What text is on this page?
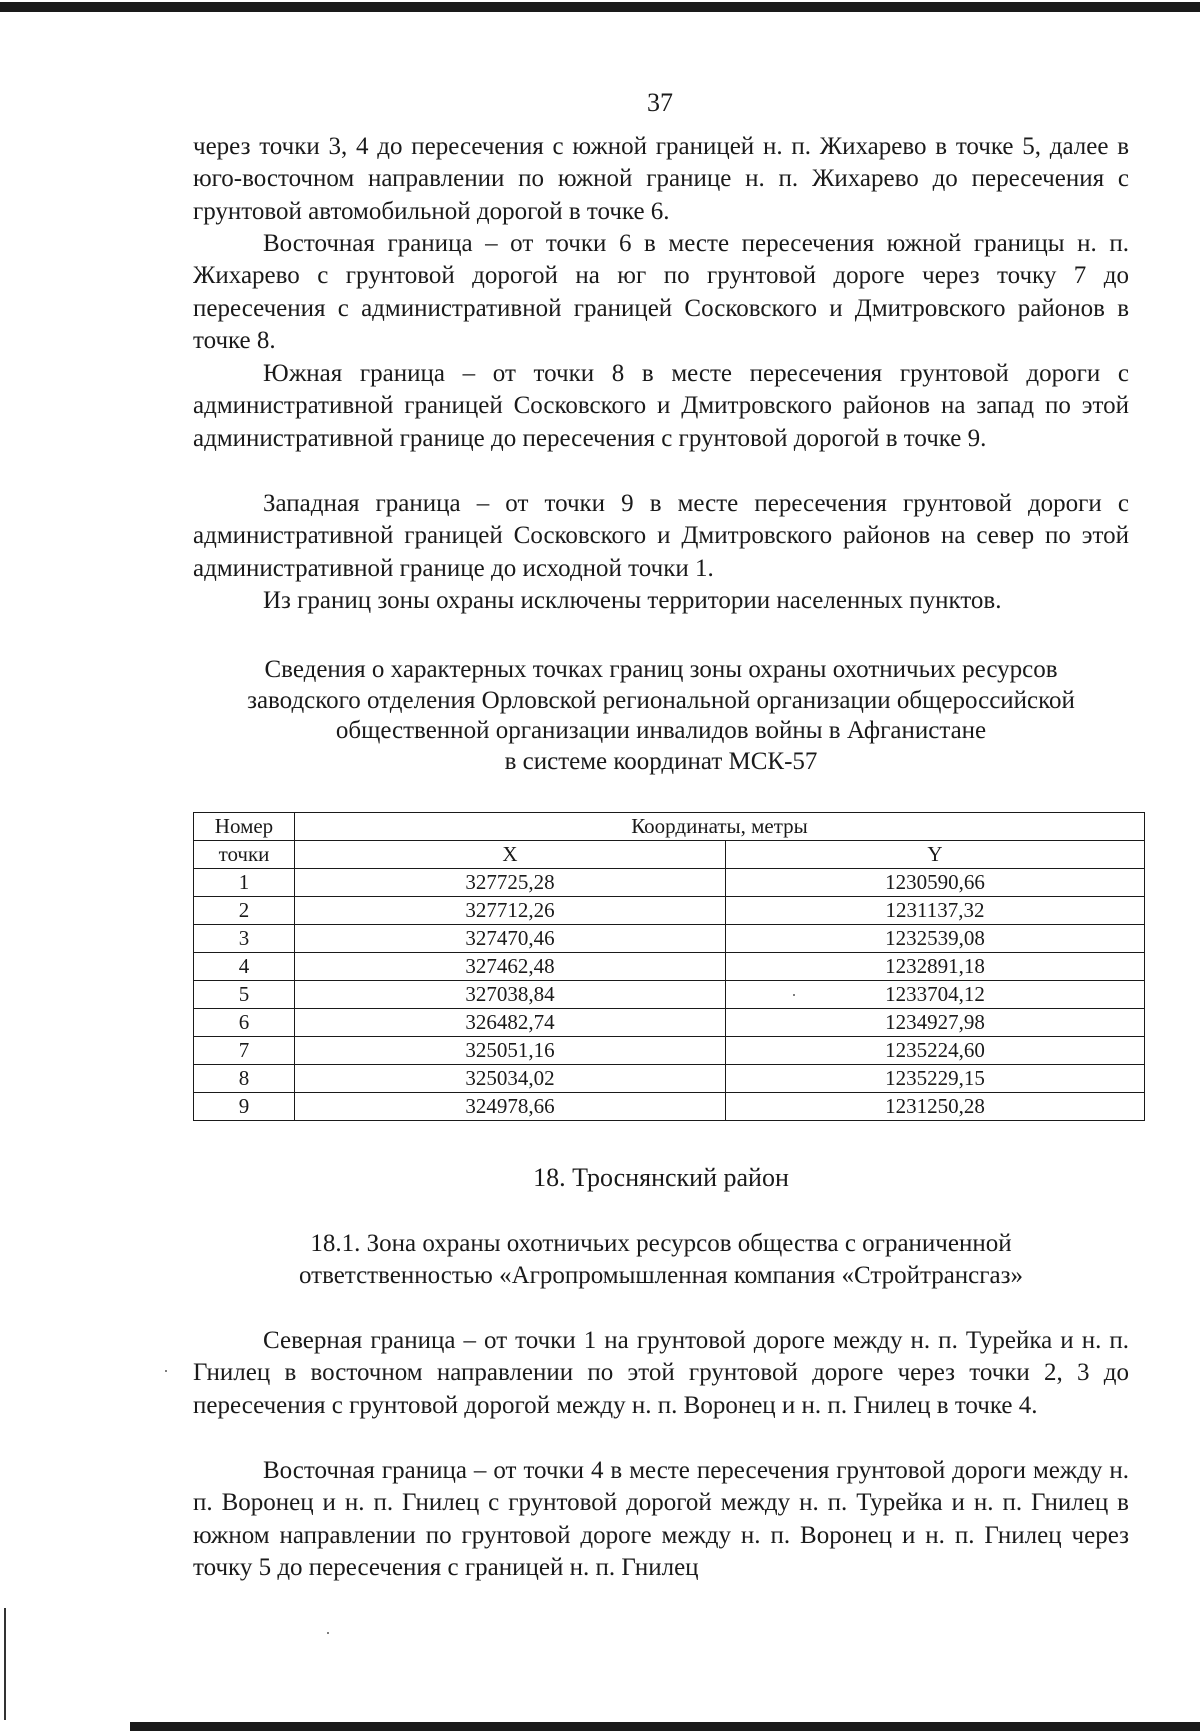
37

через точки 3, 4 до пересечения с южной границей н. п. Жихарево в точке 5, далее в юго-восточном направлении по южной границе н. п. Жихарево до пересечения с грунтовой автомобильной дорогой в точке 6.

Восточная граница – от точки 6 в месте пересечения южной границы н. п. Жихарево с грунтовой дорогой на юг по грунтовой дороге через точку 7 до пересечения с административной границей Сосковского и Дмитровского районов в точке 8.

Южная граница – от точки 8 в месте пересечения грунтовой дороги с административной границей Сосковского и Дмитровского районов на запад по этой административной границе до пересечения с грунтовой дорогой в точке 9.

Западная граница – от точки 9 в месте пересечения грунтовой дороги с административной границей Сосковского и Дмитровского районов на север по этой административной границе до исходной точки 1.

Из границ зоны охраны исключены территории населенных пунктов.

Сведения о характерных точках границ зоны охраны охотничьих ресурсов
заводского отделения Орловской региональной организации общероссийской
общественной организации инвалидов войны в Афганистане
в системе координат МСК-57
Номер	Координаты, метры	
точки	X	Y
1	327725,28	1230590,66
2	327712,26	1231137,32
3	327470,46	1232539,08
4	327462,48	1232891,18
5	327038,84	1233704,12
6	326482,74	1234927,98
7	325051,16	1235224,60
8	325034,02	1235229,15
9	324978,66	1231250,28
18. Троснянский район
18.1. Зона охраны охотничьих ресурсов общества с ограниченной
ответственностью «Агропромышленная компания «Стройтрансгаз»

Северная граница – от точки 1 на грунтовой дороге между н. п. Турейка и н. п. Гнилец в восточном направлении по этой грунтовой дороге через точки 2, 3 до пересечения с грунтовой дорогой между н. п. Воронец и н. п. Гнилец в точке 4.

Восточная граница – от точки 4 в месте пересечения грунтовой дороги между н. п. Воронец и н. п. Гнилец с грунтовой дорогой между н. п. Турейка и н. п. Гнилец в южном направлении по грунтовой дороге между н. п. Воронец и н. п. Гнилец через точку 5 до пересечения с границей н. п. Гнилец
